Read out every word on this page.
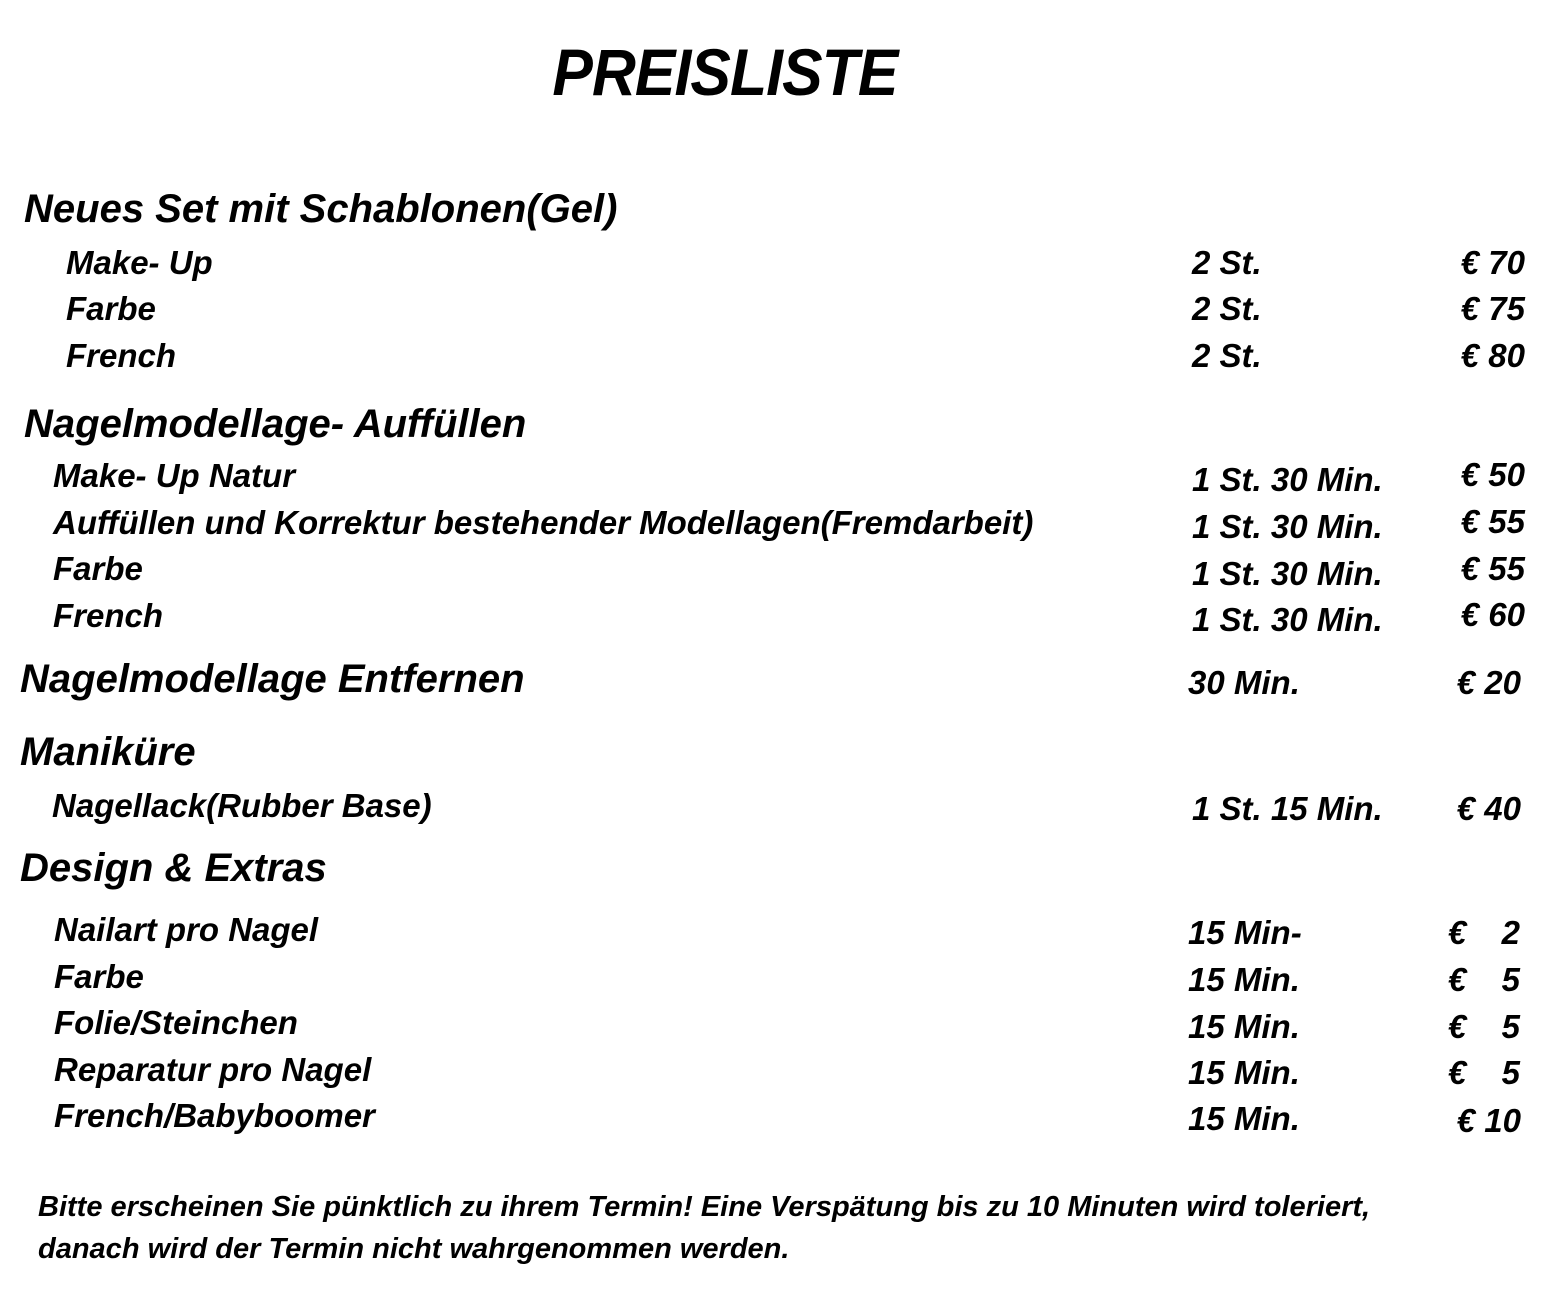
PREISLISTE
Neues Set mit Schablonen(Gel)
Make- Up	2 St.	€ 70
Farbe	2 St.	€ 75
French	2 St.	€ 80
Nagelmodellage- Auffüllen
Make- Up Natur	1 St. 30 Min.	€ 50
Auffüllen und Korrektur bestehender Modellagen(Fremdarbeit)	1 St. 30 Min.	€ 55
Farbe	1 St. 30 Min.	€ 55
French	1 St. 30 Min.	€ 60
Nagelmodellage Entfernen	30 Min.	€ 20
Maniküre
Nagellack(Rubber Base)	1 St. 15 Min.	€ 40
Design & Extras
Nailart pro Nagel	15 Min-	€ 2
Farbe	15 Min.	€ 5
Folie/Steinchen	15 Min.	€ 5
Reparatur pro Nagel	15 Min.	€ 5
French/Babyboomer	15 Min.	€ 10
Bitte erscheinen Sie pünktlich zu ihrem Termin! Eine Verspätung bis zu 10 Minuten wird toleriert,
danach wird der Termin nicht wahrgenommen werden.
